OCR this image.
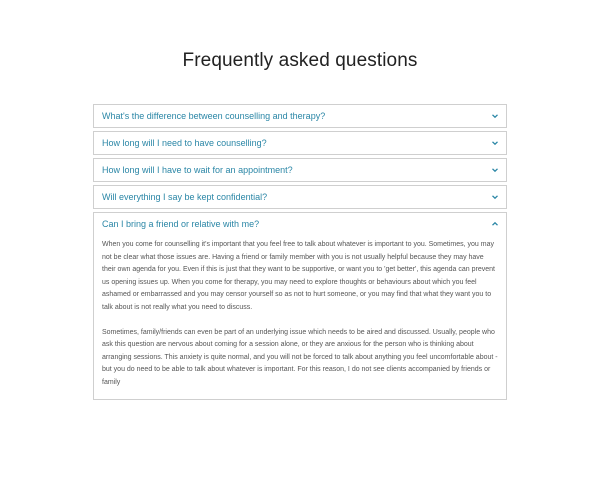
Frequently asked questions
What's the difference between counselling and therapy?
How long will I need to have counselling?
How long will I have to wait for an appointment?
Will everything I say be kept confidential?
Can I bring a friend or relative with me?

When you come for counselling it's important that you feel free to talk about whatever is important to you. Sometimes, you may not be clear what those issues are. Having a friend or family member with you is not usually helpful because they may have their own agenda for you. Even if this is just that they want to be supportive, or want you to 'get better', this agenda can prevent us opening issues up. When you come for therapy, you may need to explore thoughts or behaviours about which you feel ashamed or embarrassed and you may censor yourself so as not to hurt someone, or you may find that what they want you to talk about is not really what you need to discuss.

Sometimes, family/friends can even be part of an underlying issue which needs to be aired and discussed. Usually, people who ask this question are nervous about coming for a session alone, or they are anxious for the person who is thinking about arranging sessions. This anxiety is quite normal, and you will not be forced to talk about anything you feel uncomfortable about - but you do need to be able to talk about whatever is important. For this reason, I do not see clients accompanied by friends or family
